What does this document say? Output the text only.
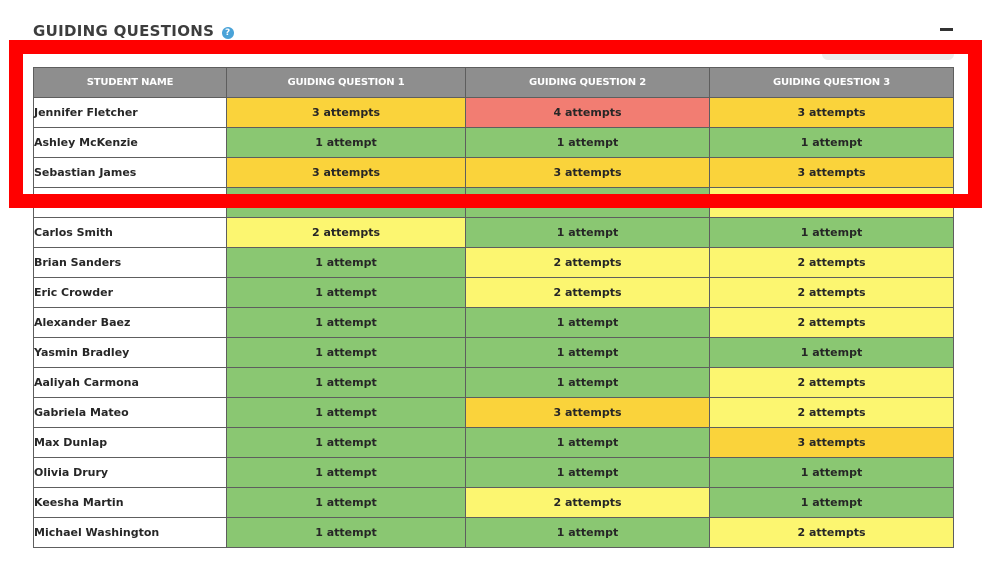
GUIDING QUESTIONS ?
STUDENT NAME	GUIDING QUESTION 1	GUIDING QUESTION 2	GUIDING QUESTION 3
Jennifer Fletcher	3 attempts	4 attempts	3 attempts
Ashley McKenzie	1 attempt	1 attempt	1 attempt
Sebastian James	3 attempts	3 attempts	3 attempts

Carlos Smith	2 attempts	1 attempt	1 attempt
Brian Sanders	1 attempt	2 attempts	2 attempts
Eric Crowder	1 attempt	2 attempts	2 attempts
Alexander Baez	1 attempt	1 attempt	2 attempts
Yasmin Bradley	1 attempt	1 attempt	1 attempt
Aaliyah Carmona	1 attempt	1 attempt	2 attempts
Gabriela Mateo	1 attempt	3 attempts	2 attempts
Max Dunlap	1 attempt	1 attempt	3 attempts
Olivia Drury	1 attempt	1 attempt	1 attempt
Keesha Martin	1 attempt	2 attempts	1 attempt
Michael Washington	1 attempt	1 attempt	2 attempts
